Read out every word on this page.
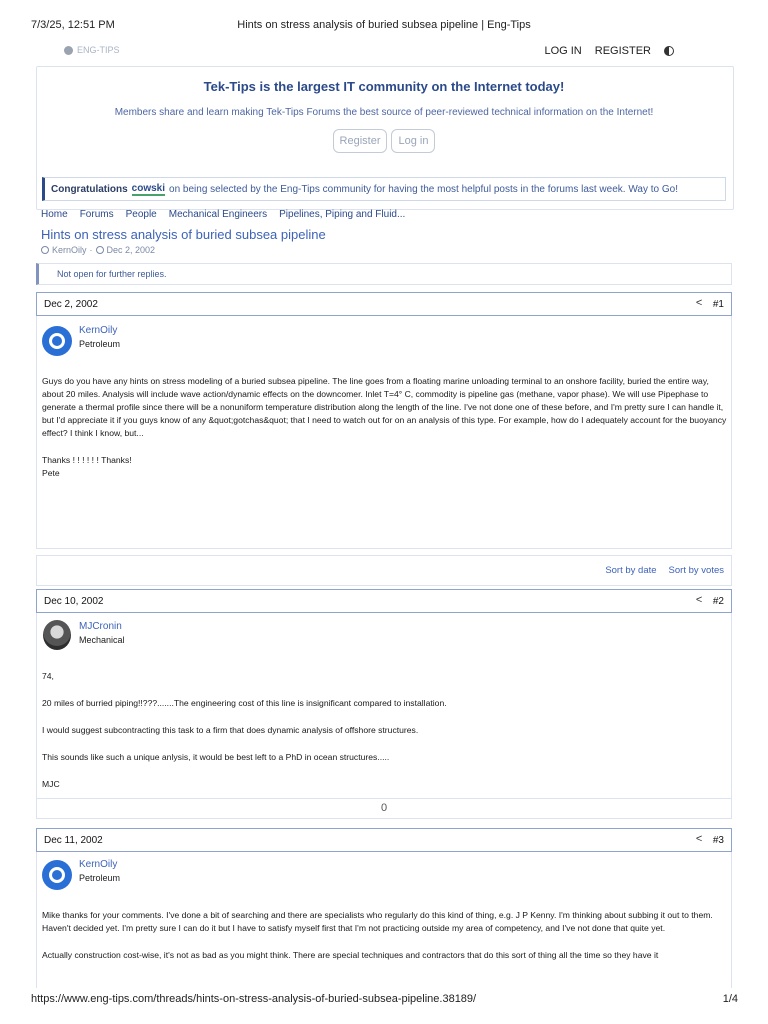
7/3/25, 12:51 PM	Hints on stress analysis of buried subsea pipeline | Eng-Tips
ENG-TIPS	LOG IN REGISTER
Tek-Tips is the largest IT community on the Internet today!
Members share and learn making Tek-Tips Forums the best source of peer-reviewed technical information on the Internet!
Register	Log in
Congratulations cowski on being selected by the Eng-Tips community for having the most helpful posts in the forums last week. Way to Go!
Home Forums People Mechanical Engineers Pipelines, Piping and Fluid...
Hints on stress analysis of buried subsea pipeline
KernOily · Dec 2, 2002
Not open for further replies.
Dec 2, 2002 <	#1
KernOily
Petroleum

Guys do you have any hints on stress modeling of a buried subsea pipeline. The line goes from a floating marine unloading terminal to an onshore facility, buried the entire way, about 20 miles. Analysis will include wave action/dynamic effects on the downcomer. Inlet T=4° C, commodity is pipeline gas (methane, vapor phase). We will use Pipephase to generate a thermal profile since there will be a nonuniform temperature distribution along the length of the line. I've not done one of these before, and I'm pretty sure I can handle it, but I'd appreciate it if you guys know of any &quot;gotchas&quot; that I need to watch out for on an analysis of this type. For example, how do I adequately account for the buoyancy effect? I think I know, but...

Thanks ! ! ! ! ! ! Thanks!

Pete

Sort by date Sort by votes
Dec 10, 2002 <	#2
MJCronin
Mechanical

74,

20 miles of burried piping!!???.......The engineering cost of this line is insignificant compared to installation.

I would suggest subcontracting this task to a firm that does dynamic analysis of offshore structures.

This sounds like such a unique anlysis, it would be best left to a PhD in ocean structures.....

MJC

0
Dec 11, 2002 <	#3
KernOily
Petroleum

Mike thanks for your comments. I've done a bit of searching and there are specialists who regularly do this kind of thing, e.g. J P Kenny. I'm thinking about subbing it out to them. Haven't decided yet. I'm pretty sure I can do it but I have to satisfy myself first that I'm not practicing outside my area of competency, and I've not done that quite yet.

Actually construction cost-wise, it's not as bad as you might think. There are special techniques and contractors that do this sort of thing all the time so they have it

https://www.eng-tips.com/threads/hints-on-stress-analysis-of-buried-subsea-pipeline.38189/	1/4
